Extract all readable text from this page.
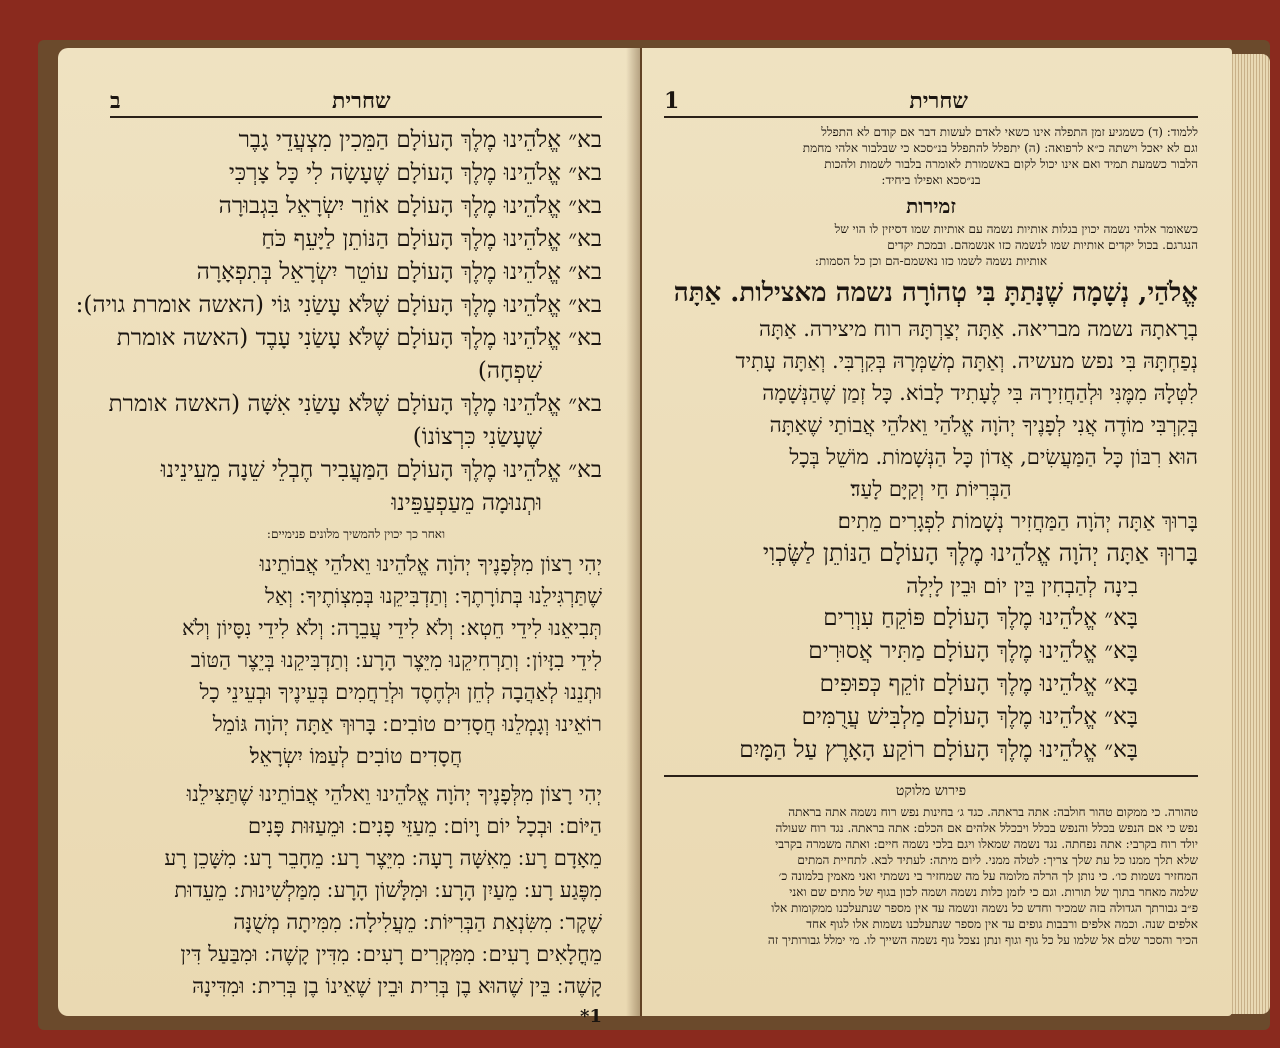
שחרית
ב
בא״ אֱלֹהֵינוּ מֶלֶךְ הָעוֹלָם הַמֵּכִין מִצְעֲדֵי גָבֶר
בא״ אֱלֹהֵינוּ מֶלֶךְ הָעוֹלָם שֶׁעָשָׂה לִי כָּל צָרְכִּי
בא״ אֱלֹהֵינוּ מֶלֶךְ הָעוֹלָם אוֹזֵר יִשְׂרָאֵל בִּגְבוּרָה
בא״ אֱלֹהֵינוּ מֶלֶךְ הָעוֹלָם הַנּוֹתֵן לַיָּעֵף כֹּחַ
בא״ אֱלֹהֵינוּ מֶלֶךְ הָעוֹלָם עוֹטֵר יִשְׂרָאֵל בְּתִפְאָרָה
בא״ אֱלֹהֵינוּ מֶלֶךְ הָעוֹלָם שֶׁלֹּא עָשַׂנִי גּוֹי (האשה אומרת גויה):
בא״ אֱלֹהֵינוּ מֶלֶךְ הָעוֹלָם שֶׁלֹּא עָשַׂנִי עָבֶד (האשה אומרת
שִׁפְחָה)
בא״ אֱלֹהֵינוּ מֶלֶךְ הָעוֹלָם שֶׁלֹּא עָשַׂנִי אִשָּׁה (האשה אומרת
שֶׁעָשַׂנִי כִּרְצוֹנוֹ)
בא״ אֱלֹהֵינוּ מֶלֶךְ הָעוֹלָם הַמַּעֲבִיר חֶבְלֵי שֵׁנָה מֵעֵינֵינוּ
וּתְנוּמָה מֵעַפְעַפֵּינוּ
ואחר כך יכוין להמשיך מלונים פנימיים:
יְהִי רָצוֹן מִלְּפָנֶיךָ יְהֹוָה אֱלֹהֵינוּ וֵאלֹהֵי אֲבוֹתֵינוּ
שֶׁתַּרְגִּילֵנוּ בְּתוֹרָתֶךָ ׃ וְתַדְבִּיקֵנוּ בְּמִצְוֹתֶיךָ ׃ וְאַל
תְּבִיאֵנוּ לִידֵי חֵטְא ׃ וְלֹא לִידֵי עֲבֵרָה ׃ וְלֹא לִידֵי נִסָּיוֹן וְלֹא
לִידֵי בִזָּיוֹן ׃ וְתַרְחִיקֵנוּ מִיֵּצֶר הָרָע ׃ וְתַדְבִּיקֵנוּ בְּיֵצֶר הַטּוֹב
וּתְנֵנוּ לְאַהֲבָה לְחֵן וּלְחֶסֶד וּלְרַחֲמִים בְּעֵינֶיךָ וּבְעֵינֵי כָל
רוֹאֵינוּ וְגָמְלֵנוּ חֲסָדִים טוֹבִים ׃ בָּרוּךְ אַתָּה יְהֹוָה גּוֹמֵל
חֲסָדִים טוֹבִים לְעַמּוֹ יִשְׂרָאֵל׃
יְהִי רָצוֹן מִלְּפָנֶיךָ יְהֹוָה אֱלֹהֵינוּ וֵאלֹהֵי אֲבוֹתֵינוּ שֶׁתַּצִּילֵנוּ
הַיּוֹם ׃ וּבְכָל יוֹם וָיוֹם ׃ מֵעַזֵּי פָנִים ׃ וּמֵעַזּוּת פָּנִים
מֵאָדָם רָע ׃ מֵאִשָּׁה רָעָה ׃ מִיֵּצֶר רָע ׃ מֵחָבֵר רָע ׃ מִשָּׁכֵן רָע
מִפֶּגַע רָע ׃ מֵעַיִן הָרָע ׃ וּמִלָּשׁוֹן הָרָע ׃ מִמַּלְשִׁינוּת ׃ מֵעֵדוּת
שֶׁקֶר ׃ מִשִּׂנְאַת הַבְּרִיּוֹת ׃ מֵעֲלִילָה ׃ מִמִּיתָה מְשֻׁנָּה
מֵחֳלָאִים רָעִים ׃ מִמִּקְרִים רָעִים ׃ מִדִּין קָשֶׁה ׃ וּמִבַּעַל דִּין
קָשֶׁה ׃ בֵּין שֶׁהוּא בֶן בְּרִית וּבֵין שֶׁאֵינוֹ בֶן בְּרִית ׃ וּמִדִּינָהּ
1*
שחרית
1
ללמוד: (ד) כשמגיע זמן התפלה אינו כשאי לאדם לעשות דבר אם קודם לא התפלל
וגם לא יאכל וישתה כ״א לרפואה: (ה) יתפלל להתפלל בנ״סכא כי שבלבור אלהי מחמת
הלבור כשמעת תמיד ואם אינו יכול לקום באשמורת לאומרה בלבור לשמות ולהכות
בנ״סכא ואפילו ביחיד:
זמירות
כשאומר אלהי נשמה יכוין בגלות אותיות נשמה עם אותיות שמו דסיזין לו הוי של
הנגרגם. בכול יקדים אותיות שמו לנשמה כזו אנשמהם. ובמכת יקדים
אותיות נשמה לשמו כזו נאשמם-הם וכן כל הסמות:
אֱלֹהַי, נְשָׁמָה שֶׁנָּתַתָּ בִּי טְהוֹרָה נשמה מאצילות. אַתָּה
בְרָאתָהּ נשמה מבריאה. אַתָּה יְצַרְתָּהּ רוח מיצירה. אַתָּה
נְפַחְתָּהּ בִּי נפש מעשיה. וְאַתָּה מְשַׁמְּרָהּ בְּקִרְבִּי. וְאַתָּה עָתִיד
לִטְּלָהּ מִמֶּנִּי וּלְהַחֲזִירָהּ בִּי לֶעָתִיד לָבוֹא. כָּל זְמַן שֶׁהַנְּשָׁמָה
בְּקִרְבִּי מוֹדֶה אֲנִי לְפָנֶיךָ יְהֹוָה אֱלֹהַי וֵאלֹהֵי אֲבוֹתַי שֶׁאַתָּה
הוּא רִבּוֹן כָּל הַמַּעֲשִׂים, אֲדוֹן כָּל הַנְּשָׁמוֹת. מוֹשֵׁל בְּכָל
הַבְּרִיּוֹת חַי וְקַיָּם לָעַד׃
בָּרוּךְ אַתָּה יְהֹוָה הַמַּחֲזִיר נְשָׁמוֹת לִפְגָרִים מֵתִים׃
בָּרוּךְ אַתָּה יְהֹוָה אֱלֹהֵינוּ מֶלֶךְ הָעוֹלָם הַנּוֹתֵן לַשֶּׂכְוִי
בִינָה לְהַבְחִין בֵּין יוֹם וּבֵין לָיְלָה
בָּא״ אֱלֹהֵינוּ מֶלֶךְ הָעוֹלָם פּוֹקֵחַ עִוְרִים
בָּא״ אֱלֹהֵינוּ מֶלֶךְ הָעוֹלָם מַתִּיר אֲסוּרִים
בָּא״ אֱלֹהֵינוּ מֶלֶךְ הָעוֹלָם זוֹקֵף כְּפוּפִים
בָּא״ אֱלֹהֵינוּ מֶלֶךְ הָעוֹלָם מַלְבִּישׁ עֲרֻמִּים
בָּא״ אֱלֹהֵינוּ מֶלֶךְ הָעוֹלָם רוֹקַע הָאָרֶץ עַל הַמָּיִם
פירוש מלוקט
טהורה. כי ממקום טהור חולבה: אתה בראתה. כגד ג׳ בחינות נפש רוח נשמה אתה בראתה
נפש כי אם הנפש בכלל והנפש בכלל ויבכלל אלהים אם הכלם: אתה בראתה. נגד רוח שעולה
יולד רוח בקרבי: אתה נפחתה. נגד נשמה שמאלו ויגם בלכי נשמה חיים: ואתה משמרה בקרבי
שלא תלך ממנו כל עת שלך צריך: לטלה ממני. ליום מיתה: לעתיד לבא. לתחיית המתים
המחזיר נשמות כו׳. כי נותן לך הרלה מלומה על מה שמחזיר בי נשמתי ואני מאמין בלמונה כ׳
שלמה מאחר בתוך של תורות. וגם כי לזמן כלות נשמה ושמה לכון בגוף של מתים שם ואני
פ״ב גבורתך הגדולה בזה שמכיר וחדש כל נשמה ונשמה עד אין מספר שנתעלכנו ממקומות אלו
אלפים שנה. וכמה אלפים ורבבות גופים עד אין מספר שנתעלכנו נשמות אלו לגוף אחד
הכיר והסכר שלם אל שלמו על כל גוף וגוף ונתן נצכל גוף נשמה השייך לו. מי ימלל גבורותיך זה
